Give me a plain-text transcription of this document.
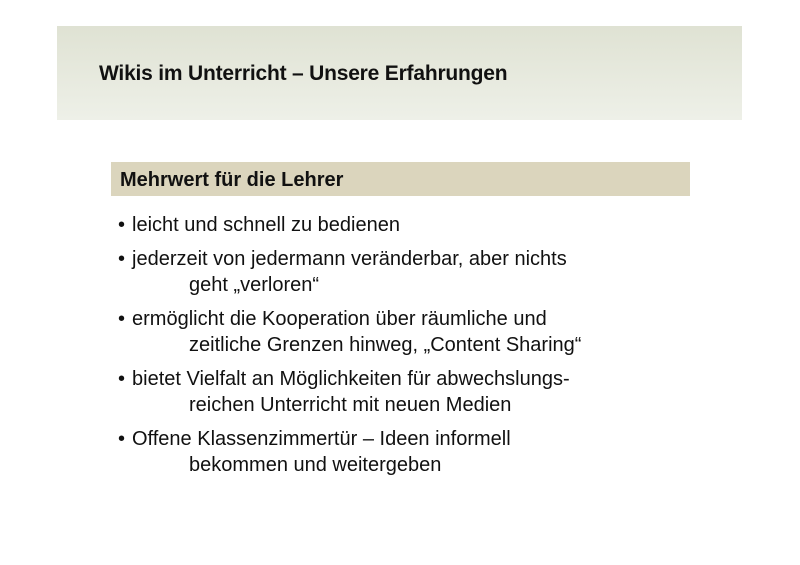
Wikis im Unterricht – Unsere Erfahrungen
Mehrwert für die Lehrer
• leicht und schnell zu bedienen
• jederzeit von jedermann veränderbar, aber nichts
geht „verloren“
• ermöglicht die Kooperation über räumliche und
zeitliche Grenzen hinweg, „Content Sharing“
• bietet Vielfalt an Möglichkeiten für abwechslungs-
reichen Unterricht mit neuen Medien
• Offene Klassenzimmertür – Ideen informell
bekommen und weitergeben
